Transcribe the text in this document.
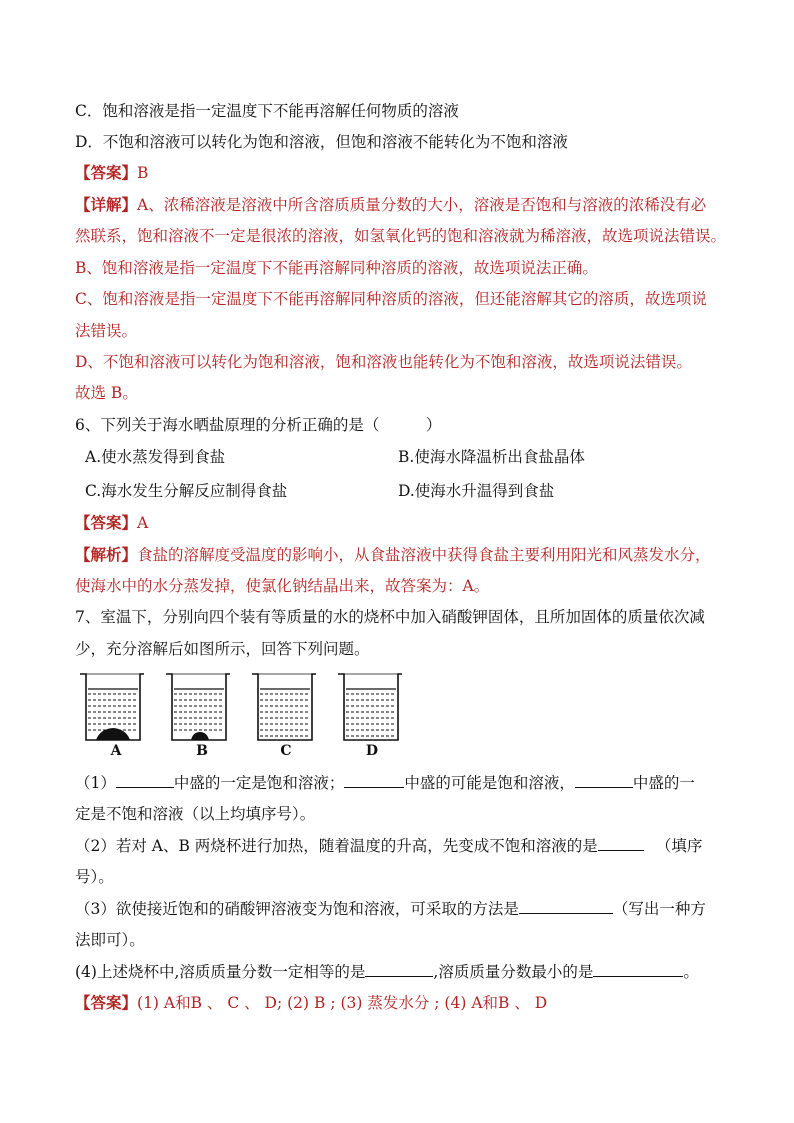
C．饱和溶液是指一定温度下不能再溶解任何物质的溶液
D．不饱和溶液可以转化为饱和溶液，但饱和溶液不能转化为不饱和溶液
【答案】B
【详解】A、浓稀溶液是溶液中所含溶质质量分数的大小，溶液是否饱和与溶液的浓稀没有必
然联系，饱和溶液不一定是很浓的溶液，如氢氧化钙的饱和溶液就为稀溶液，故选项说法错误。
B、饱和溶液是指一定温度下不能再溶解同种溶质的溶液，故选项说法正确。
C、饱和溶液是指一定温度下不能再溶解同种溶质的溶液，但还能溶解其它的溶质，故选项说
法错误。
D、不饱和溶液可以转化为饱和溶液，饱和溶液也能转化为不饱和溶液，故选项说法错误。
故选 B。
6、下列关于海水晒盐原理的分析正确的是（　　　）
A.使水蒸发得到食盐	B.使海水降温析出食盐晶体
C.海水发生分解反应制得食盐	D.使海水升温得到食盐
【答案】A
【解析】食盐的溶解度受温度的影响小，从食盐溶液中获得食盐主要利用阳光和风蒸发水分，
使海水中的水分蒸发掉，使氯化钠结晶出来，故答案为：A。
7、室温下，分别向四个装有等质量的水的烧杯中加入硝酸钾固体，且所加固体的质量依次减
少，充分溶解后如图所示，回答下列问题。
A	B	C	D
（1）	中盛的一定是饱和溶液；	中盛的可能是饱和溶液，	中盛的一
定是不饱和溶液（以上均填序号）。
（2）若对 A、B 两烧杯进行加热，随着温度的升高，先变成不饱和溶液的是	（填序
号）。
（3）欲使接近饱和的硝酸钾溶液变为饱和溶液，可采取的方法是	（写出一种方
法即可）。
(4)上述烧杯中,溶质质量分数一定相等的是	,溶质质量分数最小的是	。
【答案】(1) A和B 、 C 、 D; (2) B ; (3) 蒸发水分 ; (4) A和B 、 D
